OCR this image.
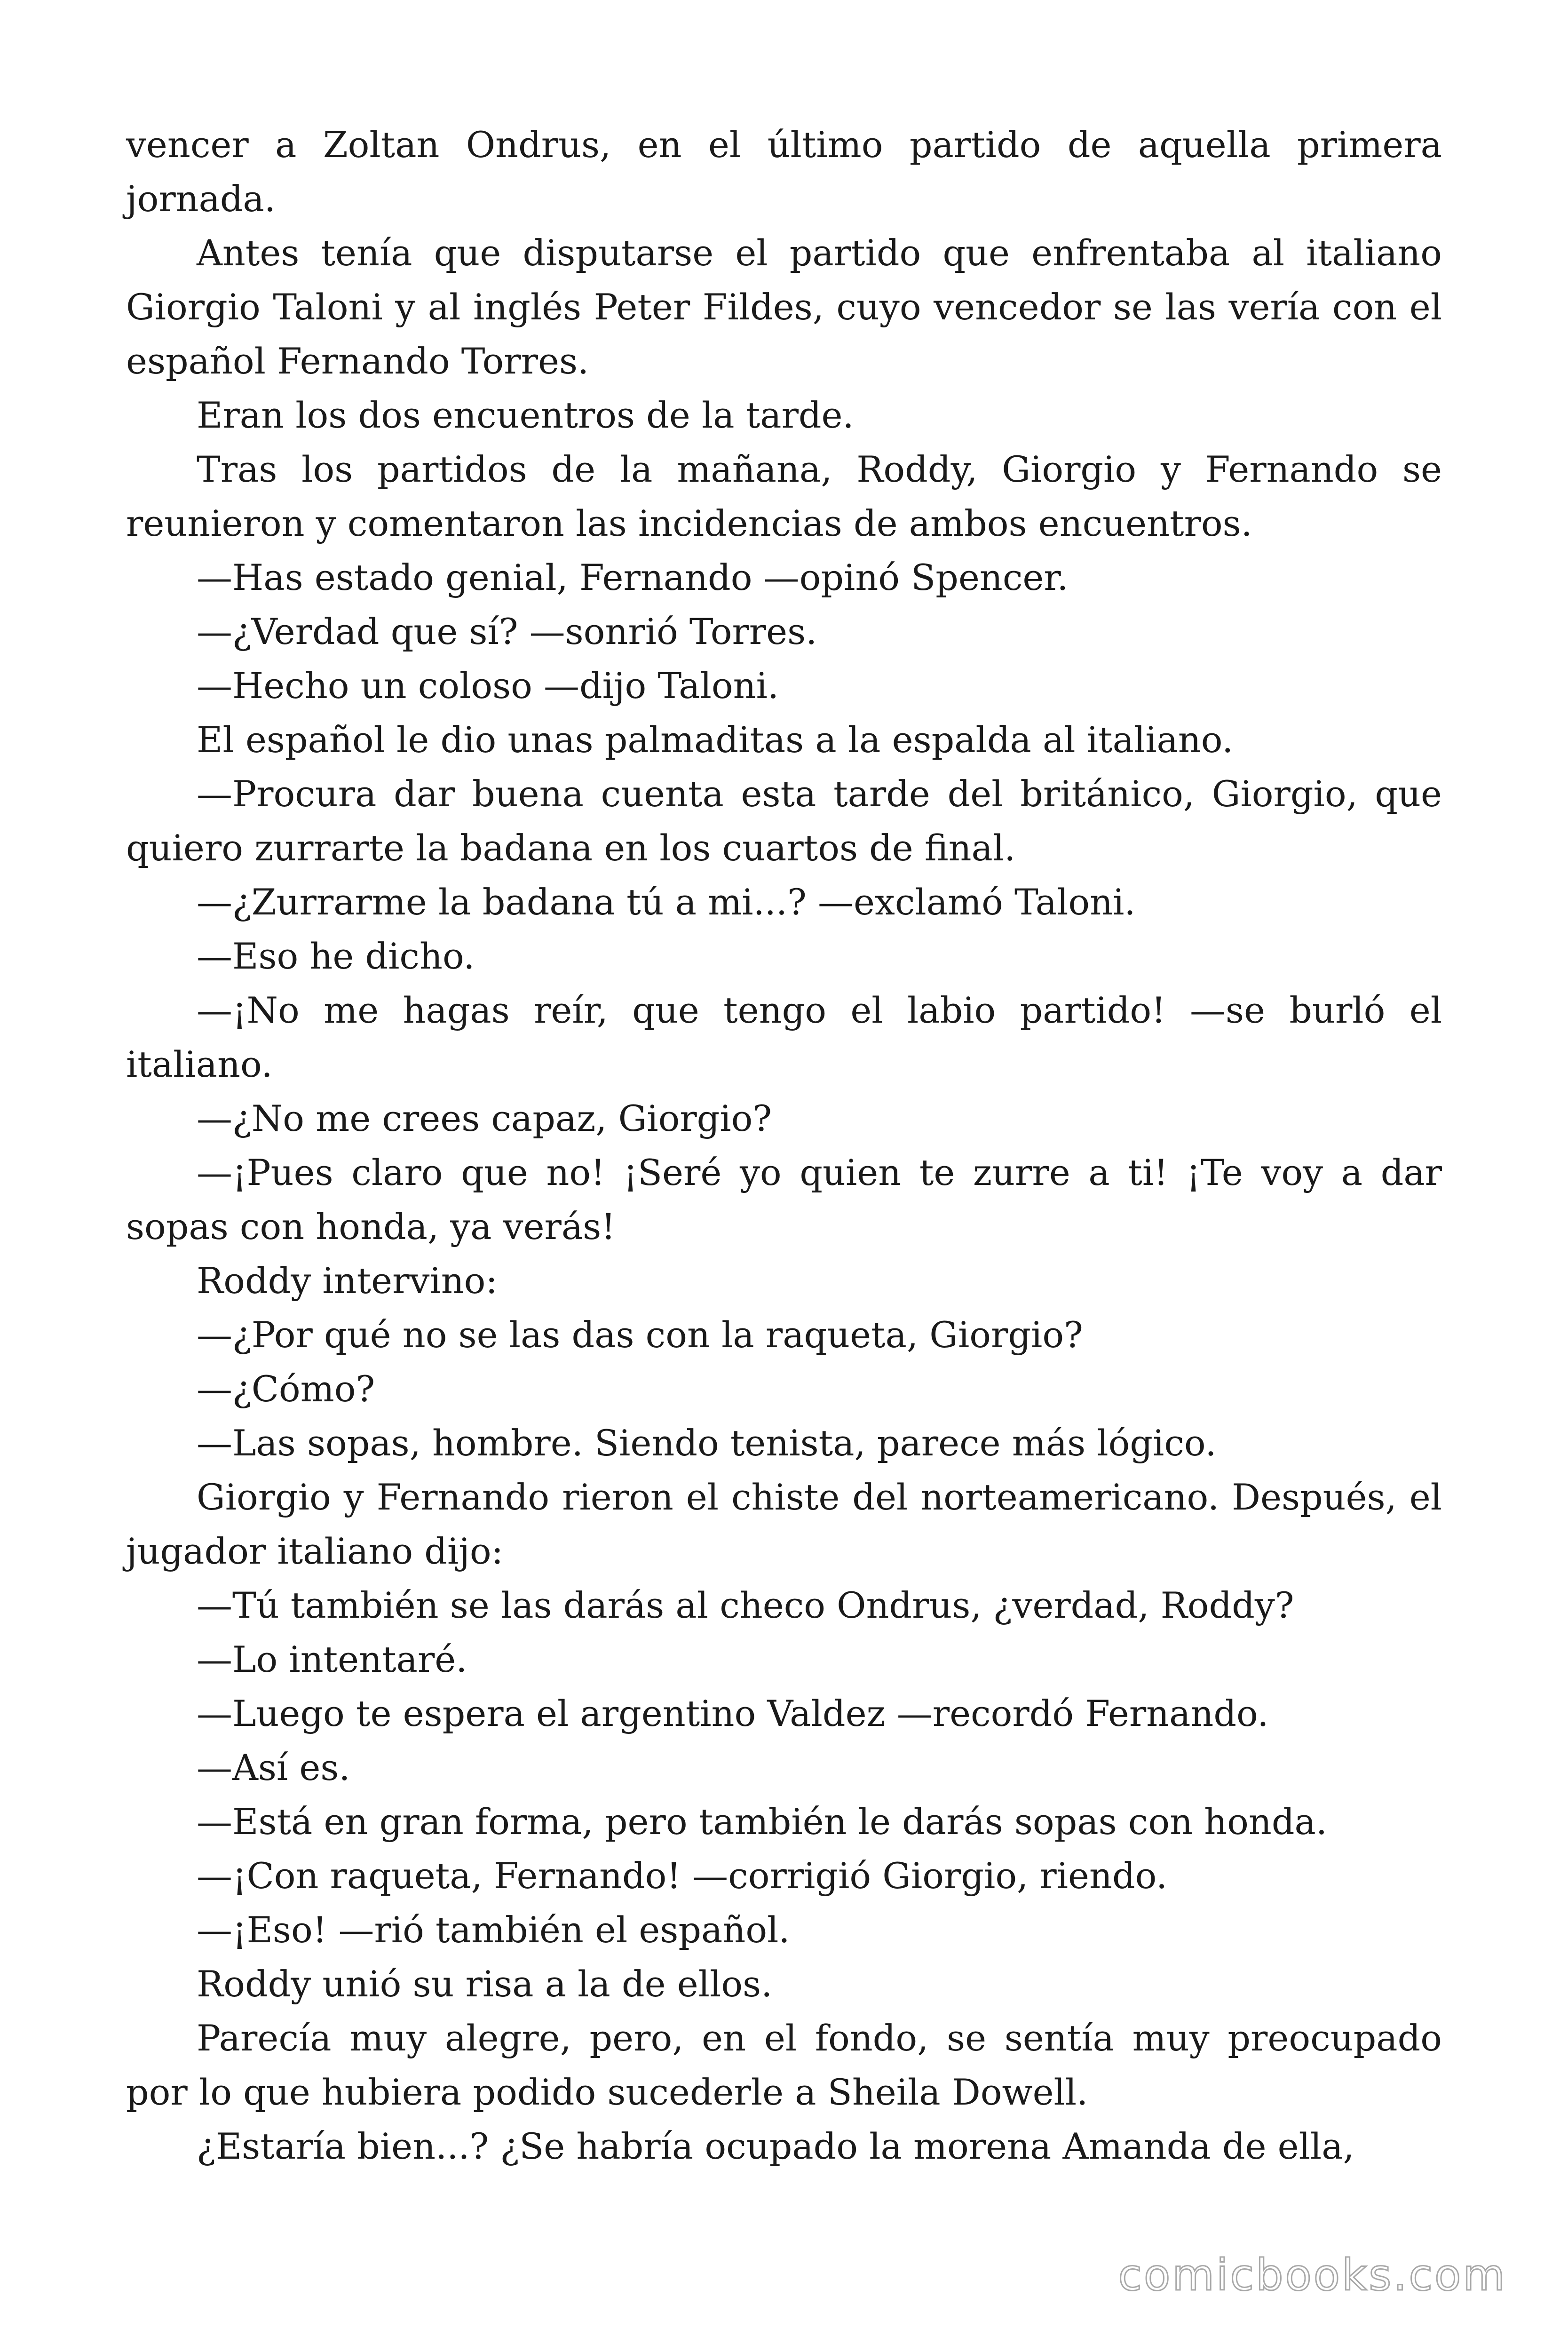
vencer a Zoltan Ondrus, en el último partido de aquella primera jornada.

Antes tenía que disputarse el partido que enfrentaba al italiano Giorgio Taloni y al inglés Peter Fildes, cuyo vencedor se las vería con el español Fernando Torres.

Eran los dos encuentros de la tarde.

Tras los partidos de la mañana, Roddy, Giorgio y Fernando se reunieron y comentaron las incidencias de ambos encuentros.

—Has estado genial, Fernando —opinó Spencer.

—¿Verdad que sí? —sonrió Torres.

—Hecho un coloso —dijo Taloni.

El español le dio unas palmaditas a la espalda al italiano.

—Procura dar buena cuenta esta tarde del británico, Giorgio, que quiero zurrarte la badana en los cuartos de final.

—¿Zurrarme la badana tú a mi...? —exclamó Taloni.

—Eso he dicho.

—¡No me hagas reír, que tengo el labio partido! —se burló el italiano.

—¿No me crees capaz, Giorgio?

—¡Pues claro que no! ¡Seré yo quien te zurre a ti! ¡Te voy a dar sopas con honda, ya verás!

Roddy intervino:

—¿Por qué no se las das con la raqueta, Giorgio?

—¿Cómo?

—Las sopas, hombre. Siendo tenista, parece más lógico.

Giorgio y Fernando rieron el chiste del norteamericano. Después, el jugador italiano dijo:

—Tú también se las darás al checo Ondrus, ¿verdad, Roddy?

—Lo intentaré.

—Luego te espera el argentino Valdez —recordó Fernando.

—Así es.

—Está en gran forma, pero también le darás sopas con honda.

—¡Con raqueta, Fernando! —corrigió Giorgio, riendo.

—¡Eso! —rió también el español.

Roddy unió su risa a la de ellos.

Parecía muy alegre, pero, en el fondo, se sentía muy preocupado por lo que hubiera podido sucederle a Sheila Dowell.

¿Estaría bien...? ¿Se habría ocupado la morena Amanda de ella,

comicbooks.com
